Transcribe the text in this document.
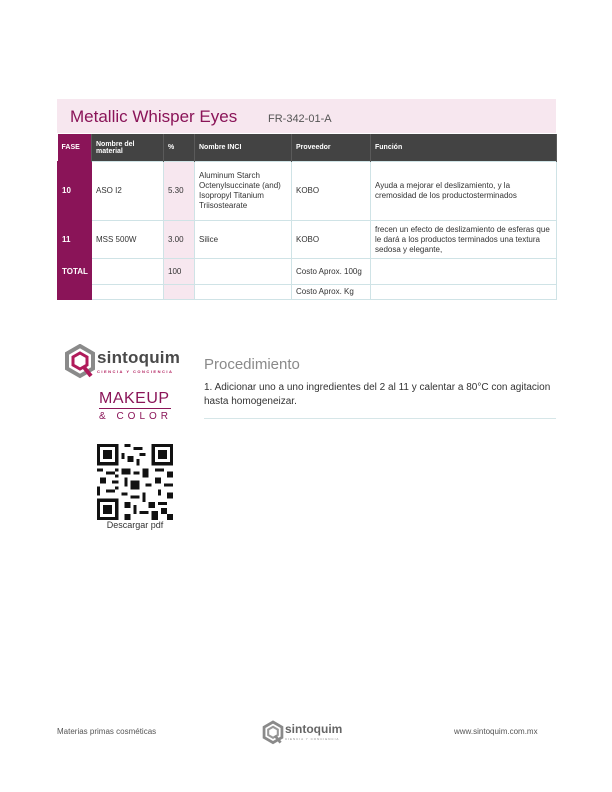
Metallic Whisper Eyes	FR-342-01-A
FASE	Nombre del material	%	Nombre INCI	Proveedor	Función
10	ASO I2	5.30	Aluminum Starch Octenylsuccinate (and) Isopropyl Titanium Triisostearate	KOBO	Ayuda a mejorar el deslizamiento, y la cremosidad de los productosterminados
11	MSS 500W	3.00	Silice	KOBO	frecen un efecto de deslizamiento de esferas que le dará a los productos terminados una textura sedosa y elegante,
TOTAL		100		Costo Aprox. 100g	
				Costo Aprox. Kg	
sintoquim
CIENCIA Y CONCIENCIA
MAKEUP
& COLOR
Descargar pdf
Procedimiento
1. Adicionar uno a uno ingredientes del 2 al 11 y calentar a 80°C con agitacion hasta homogeneizar.
Materias primas cosméticas	sintoquim
CIENCIA Y CONCIENCIA
www.sintoquim.com.mx
